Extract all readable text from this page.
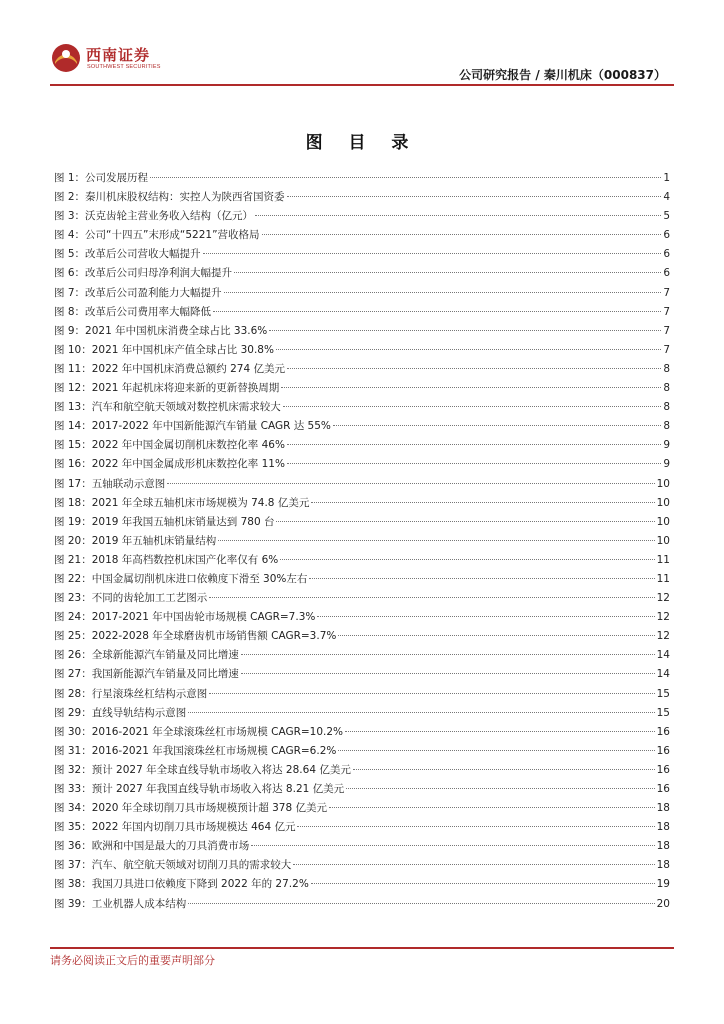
西南证券
SOUTHWEST SECURITIES
公司研究报告 / 秦川机床（000837）
图 目 录
图 1： 公司发展历程	1
图 2： 秦川机床股权结构：实控人为陕西省国资委	4
图 3： 沃克齿轮主营业务收入结构（亿元）	5
图 4： 公司“十四五”末形成“5221”营收格局	6
图 5： 改革后公司营收大幅提升	6
图 6： 改革后公司归母净利润大幅提升	6
图 7： 改革后公司盈利能力大幅提升	7
图 8： 改革后公司费用率大幅降低	7
图 9： 2021 年中国机床消费全球占比 33.6%	7
图 10： 2021 年中国机床产值全球占比 30.8%	7
图 11： 2022 年中国机床消费总额约 274 亿美元	8
图 12： 2021 年起机床将迎来新的更新替换周期	8
图 13： 汽车和航空航天领域对数控机床需求较大	8
图 14： 2017-2022 年中国新能源汽车销量 CAGR 达 55%	8
图 15： 2022 年中国金属切削机床数控化率 46%	9
图 16： 2022 年中国金属成形机床数控化率 11%	9
图 17： 五轴联动示意图	10
图 18： 2021 年全球五轴机床市场规模为 74.8 亿美元	10
图 19： 2019 年我国五轴机床销量达到 780 台	10
图 20： 2019 年五轴机床销量结构	10
图 21： 2018 年高档数控机床国产化率仅有 6%	11
图 22： 中国金属切削机床进口依赖度下滑至 30%左右	11
图 23： 不同的齿轮加工工艺图示	12
图 24： 2017-2021 年中国齿轮市场规模 CAGR=7.3%	12
图 25： 2022-2028 年全球磨齿机市场销售额 CAGR=3.7%	12
图 26： 全球新能源汽车销量及同比增速	14
图 27： 我国新能源汽车销量及同比增速	14
图 28： 行星滚珠丝杠结构示意图	15
图 29： 直线导轨结构示意图	15
图 30： 2016-2021 年全球滚珠丝杠市场规模 CAGR=10.2%	16
图 31： 2016-2021 年我国滚珠丝杠市场规模 CAGR=6.2%	16
图 32： 预计 2027 年全球直线导轨市场收入将达 28.64 亿美元	16
图 33： 预计 2027 年我国直线导轨市场收入将达 8.21 亿美元	16
图 34： 2020 年全球切削刀具市场规模预计超 378 亿美元	18
图 35： 2022 年国内切削刀具市场规模达 464 亿元	18
图 36： 欧洲和中国是最大的刀具消费市场	18
图 37： 汽车、航空航天领域对切削刀具的需求较大	18
图 38： 我国刀具进口依赖度下降到 2022 年的 27.2%	19
图 39： 工业机器人成本结构	20
请务必阅读正文后的重要声明部分
